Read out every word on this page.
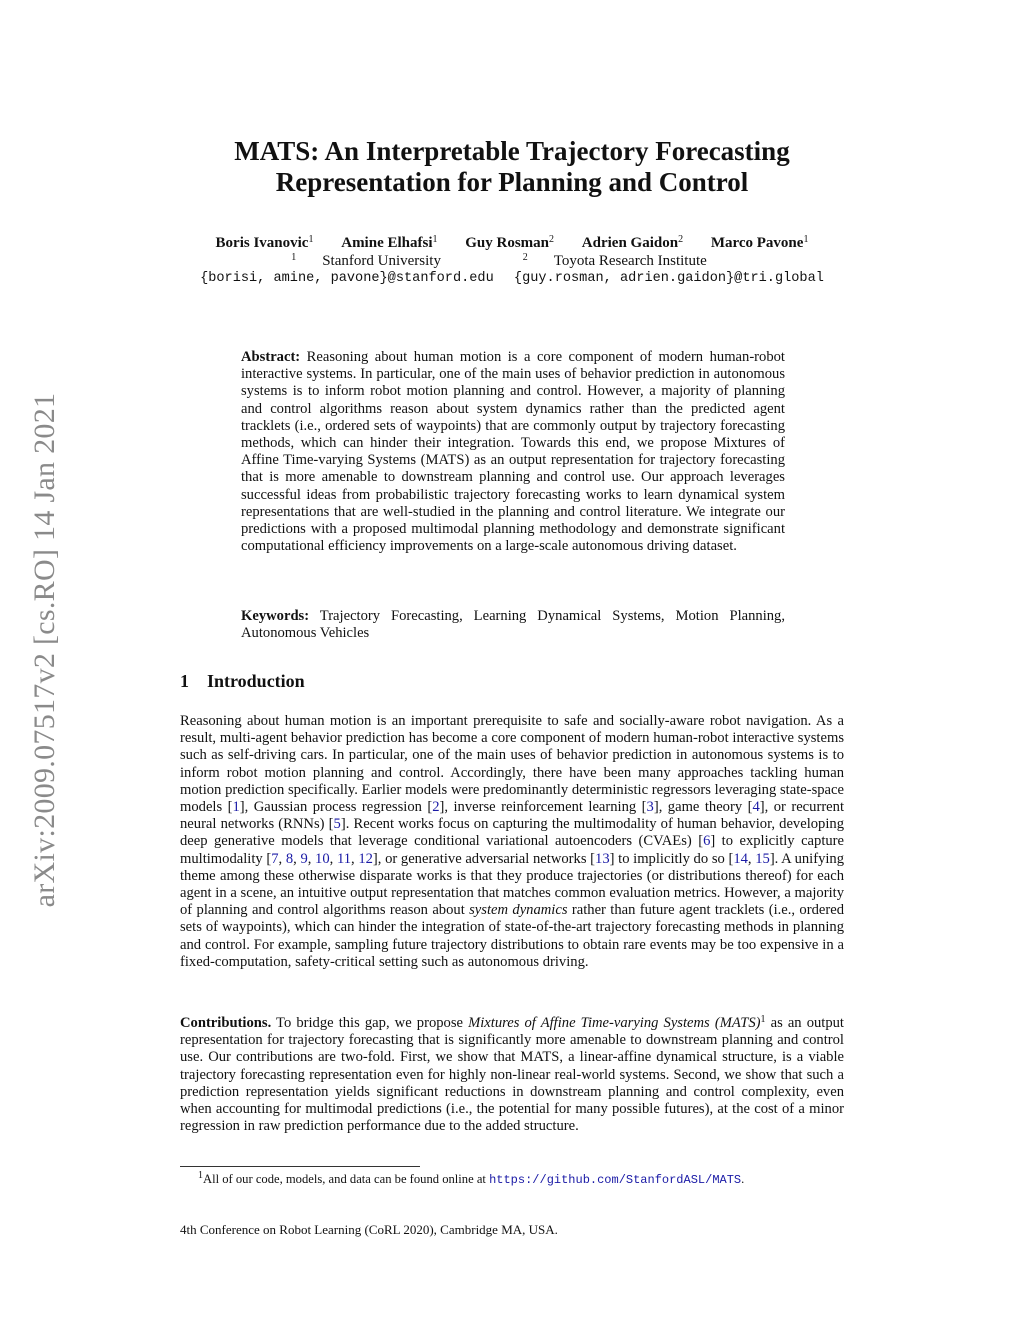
arXiv:2009.07517v2 [cs.RO] 14 Jan 2021
MATS: An Interpretable Trajectory Forecasting
Representation for Planning and Control
Boris Ivanovic$^1$ Amine Elhafsi$^1$ Guy Rosman$^2$ Adrien Gaidon$^2$ Marco Pavone$^1$
$^1$ Stanford University	$^2$ Toyota Research Institute
{borisi, amine, pavone}@stanford.edu {guy.rosman, adrien.gaidon}@tri.global
Abstract: Reasoning about human motion is a core component of modern human-robot interactive systems. In particular, one of the main uses of behavior prediction in autonomous systems is to inform robot motion planning and control. However, a majority of planning and control algorithms reason about system dynamics rather than the predicted agent tracklets (i.e., ordered sets of waypoints) that are commonly output by trajectory forecasting methods, which can hinder their integration. Towards this end, we propose Mixtures of Affine Time-varying Systems (MATS) as an output representation for trajectory forecasting that is more amenable to downstream planning and control use. Our approach leverages successful ideas from probabilistic trajectory forecasting works to learn dynamical system representations that are well-studied in the planning and control literature. We integrate our predictions with a proposed multimodal planning methodology and demonstrate significant computational efficiency improvements on a large-scale autonomous driving dataset.
Keywords: Trajectory Forecasting, Learning Dynamical Systems, Motion Planning, Autonomous Vehicles
1 Introduction
Reasoning about human motion is an important prerequisite to safe and socially-aware robot navigation. As a result, multi-agent behavior prediction has become a core component of modern human-robot interactive systems such as self-driving cars. In particular, one of the main uses of behavior prediction in autonomous systems is to inform robot motion planning and control. Accordingly, there have been many approaches tackling human motion prediction specifically. Earlier models were predominantly deterministic regressors leveraging state-space models [1], Gaussian process regression [2], inverse reinforcement learning [3], game theory [4], or recurrent neural networks (RNNs) [5]. Recent works focus on capturing the multimodality of human behavior, developing deep generative models that leverage conditional variational autoencoders (CVAEs) [6] to explicitly capture multimodality [7, 8, 9, 10, 11, 12], or generative adversarial networks [13] to implicitly do so [14, 15]. A unifying theme among these otherwise disparate works is that they produce trajectories (or distributions thereof) for each agent in a scene, an intuitive output representation that matches common evaluation metrics. However, a majority of planning and control algorithms reason about system dynamics rather than future agent tracklets (i.e., ordered sets of waypoints), which can hinder the integration of state-of-the-art trajectory forecasting methods in planning and control. For example, sampling future trajectory distributions to obtain rare events may be too expensive in a fixed-computation, safety-critical setting such as autonomous driving.
Contributions. To bridge this gap, we propose Mixtures of Affine Time-varying Systems (MATS)$^1$ as an output representation for trajectory forecasting that is significantly more amenable to downstream planning and control use. Our contributions are two-fold. First, we show that MATS, a linear-affine dynamical structure, is a viable trajectory forecasting representation even for highly non-linear real-world systems. Second, we show that such a prediction representation yields significant reductions in downstream planning and control complexity, even when accounting for multimodal predictions (i.e., the potential for many possible futures), at the cost of a minor regression in raw prediction performance due to the added structure.
$^1$All of our code, models, and data can be found online at https://github.com/StanfordASL/MATS.
4th Conference on Robot Learning (CoRL 2020), Cambridge MA, USA.
